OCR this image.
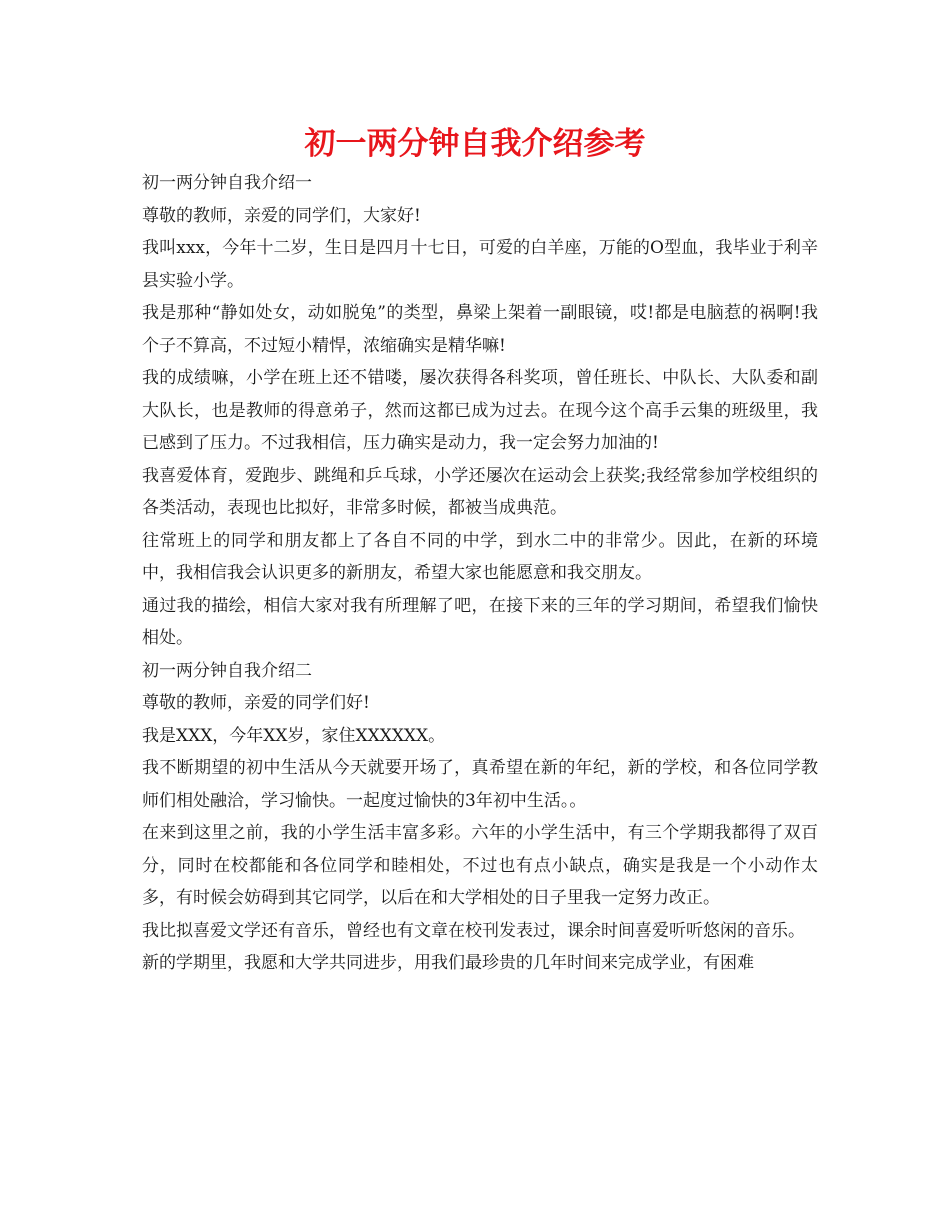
初一两分钟自我介绍参考

初一两分钟自我介绍一

尊敬的教师，亲爱的同学们，大家好!

我叫xxx，今年十二岁，生日是四月十七日，可爱的白羊座，万能的O型血，我毕业于利辛县实验小学。

我是那种“静如处女，动如脱兔”的类型，鼻梁上架着一副眼镜，哎!都是电脑惹的祸啊!我个子不算高，不过短小精悍，浓缩确实是精华嘛!

我的成绩嘛，小学在班上还不错喽，屡次获得各科奖项，曾任班长、中队长、大队委和副大队长，也是教师的得意弟子，然而这都已成为过去。在现今这个高手云集的班级里，我已感到了压力。不过我相信，压力确实是动力，我一定会努力加油的!

我喜爱体育，爱跑步、跳绳和乒乓球，小学还屡次在运动会上获奖;我经常参加学校组织的各类活动，表现也比拟好，非常多时候，都被当成典范。

往常班上的同学和朋友都上了各自不同的中学，到水二中的非常少。因此，在新的环境中，我相信我会认识更多的新朋友，希望大家也能愿意和我交朋友。

通过我的描绘，相信大家对我有所理解了吧，在接下来的三年的学习期间，希望我们愉快相处。

初一两分钟自我介绍二

尊敬的教师，亲爱的同学们好!

我是XXX，今年XX岁，家住XXXXXX。

我不断期望的初中生活从今天就要开场了，真希望在新的年纪，新的学校，和各位同学教师们相处融洽，学习愉快。一起度过愉快的3年初中生活。。

在来到这里之前，我的小学生活丰富多彩。六年的小学生活中，有三个学期我都得了双百分，同时在校都能和各位同学和睦相处，不过也有点小缺点，确实是我是一个小动作太多，有时候会妨碍到其它同学，以后在和大学相处的日子里我一定努力改正。

我比拟喜爱文学还有音乐，曾经也有文章在校刊发表过，课余时间喜爱听听悠闲的音乐。

新的学期里，我愿和大学共同进步，用我们最珍贵的几年时间来完成学业，有困难
